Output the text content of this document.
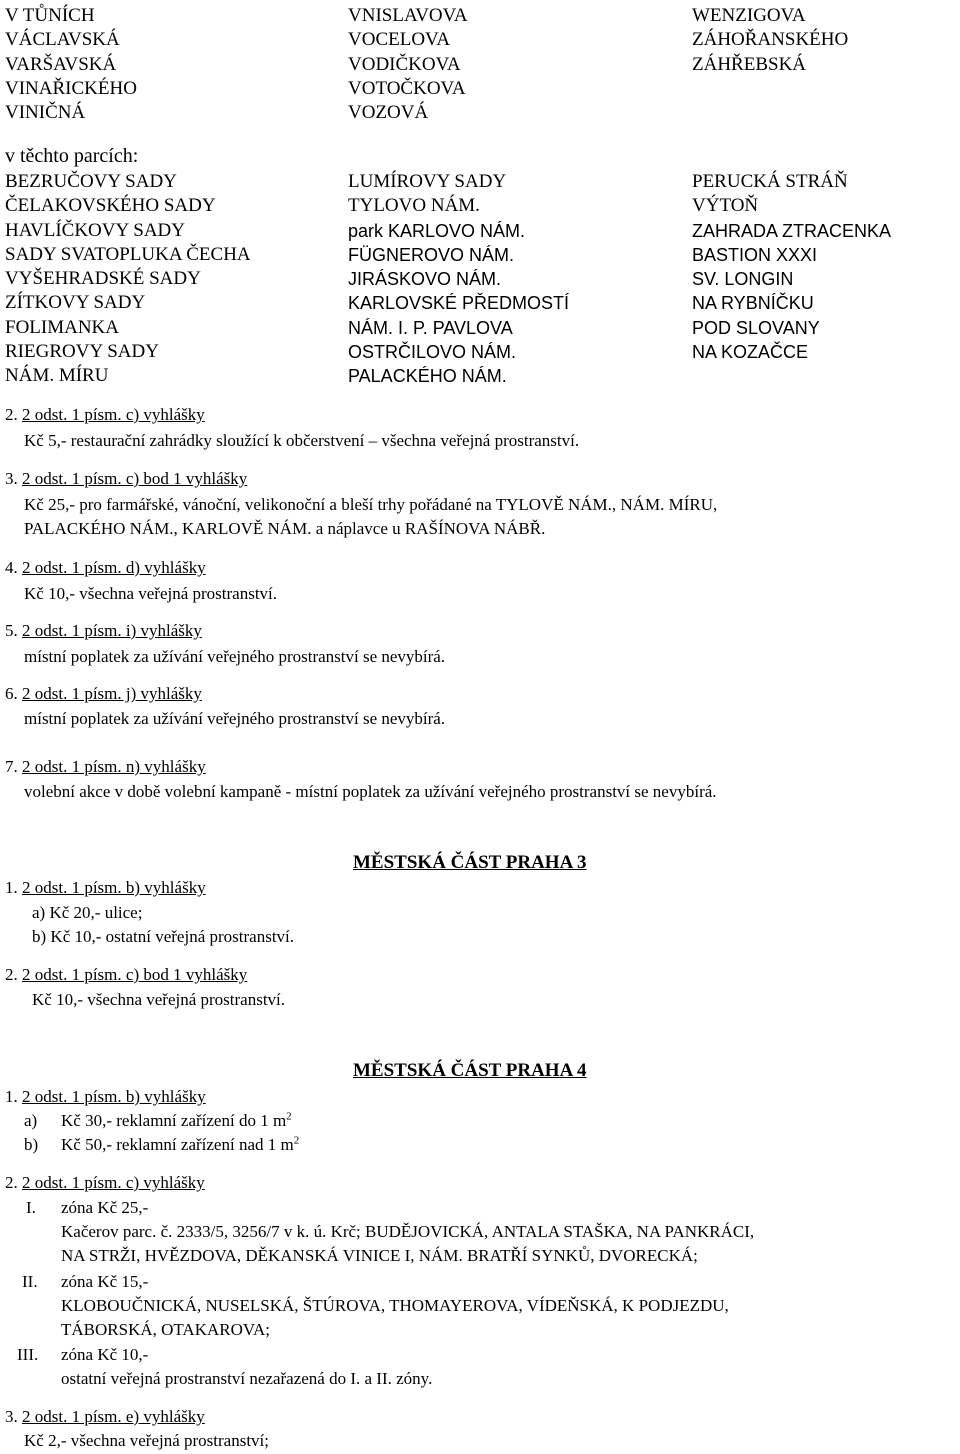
V TŮNÍCH
VÁCLAVSKÁ
VARŠAVSKÁ
VINAŘICKÉHO
VINIČNÁ
VNISLAVOVA
VOCELOVA
VODIČKOVA
VOTOČKOVA
VOZOVÁ
WENZIGOVA
ZÁHOŘANSKÉHO
ZÁHŘEBSKÁ
v těchto parcích:
BEZRUČOVY SADY
ČELAKOVSKÉHO SADY
HAVLÍČKOVY SADY
SADY SVATOPLUKA ČECHA
VYŠEHRADSKÉ SADY
ZÍTKOVY SADY
FOLIMANKA
RIEGROVY SADY
NÁM. MÍRU
LUMÍROVY SADY
TYLOVO NÁM.
park KARLOVO NÁM.
FÜGNEROVO NÁM.
JIRÁSKOVO NÁM.
KARLOVSKÉ PŘEDMOSTÍ
NÁM. I. P. PAVLOVA
OSTRČILOVO NÁM.
PALACKÉHO NÁM.
PERUCKÁ STRÁŇ
VÝTOŇ
ZAHRADA ZTRACENKA
BASTION XXXI
SV. LONGIN
NA RYBNÍČKU
POD SLOVANY
NA KOZAČCE
2. 2 odst. 1 písm. c) vyhlášky
Kč 5,- restaurační zahrádky sloužící k občerstvení – všechna veřejná prostranství.
3. 2 odst. 1 písm. c) bod 1 vyhlášky
Kč 25,- pro farmářské, vánoční, velikonoční a bleší trhy pořádané na TYLOVĚ NÁM., NÁM. MÍRU,
PALACKÉHO NÁM., KARLOVĚ NÁM. a náplavce u RAŠÍNOVA NÁBŘ.
4. 2 odst. 1 písm. d) vyhlášky
Kč 10,- všechna veřejná prostranství.
5. 2 odst. 1 písm. i) vyhlášky
místní poplatek za užívání veřejného prostranství se nevybírá.
6. 2 odst. 1 písm. j) vyhlášky
místní poplatek za užívání veřejného prostranství se nevybírá.
7. 2 odst. 1 písm. n) vyhlášky
volební akce v době volební kampaně - místní poplatek za užívání veřejného prostranství se nevybírá.
MĚSTSKÁ ČÁST PRAHA 3
1. 2 odst. 1 písm. b) vyhlášky
a) Kč 20,- ulice;
b) Kč 10,- ostatní veřejná prostranství.
2. 2 odst. 1 písm. c) bod 1 vyhlášky
Kč 10,- všechna veřejná prostranství.
MĚSTSKÁ ČÁST PRAHA 4
1. 2 odst. 1 písm. b) vyhlášky
a) Kč 30,- reklamní zařízení do 1 $m^2$
b) Kč 50,- reklamní zařízení nad 1 $m^2$
2. 2 odst. 1 písm. c) vyhlášky
I. zóna Kč 25,-
Kačerov parc. č. 2333/5, 3256/7 v k. ú. Krč; BUDĚJOVICKÁ, ANTALA STAŠKA, NA PANKRÁCI,
NA STRŽI, HVĚZDOVA, DĚKANSKÁ VINICE I, NÁM. BRATŘÍ SYNKŮ, DVORECKÁ;
II. zóna Kč 15,-
KLOBOUČNICKÁ, NUSELSKÁ, ŠTÚROVA, THOMAYEROVA, VÍDEŇSKÁ, K PODJEZDU,
TÁBORSKÁ, OTAKAROVA;
III. zóna Kč 10,-
ostatní veřejná prostranství nezařazená do I. a II. zóny.
3. 2 odst. 1 písm. e) vyhlášky
Kč 2,- všechna veřejná prostranství;
